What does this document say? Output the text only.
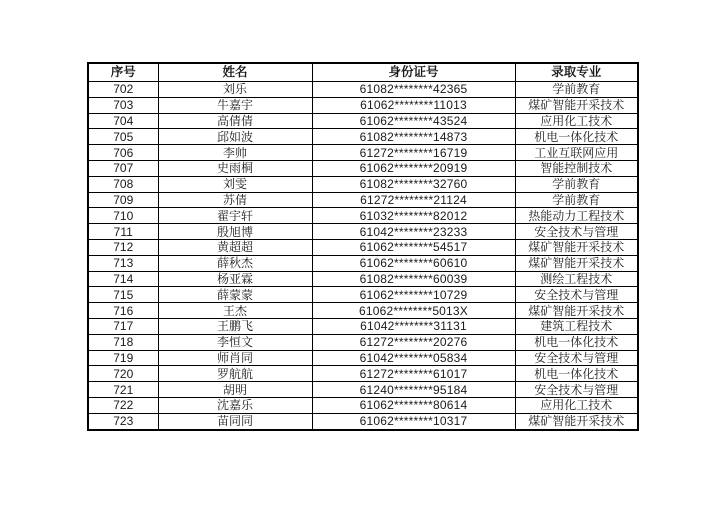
序号	姓名	身份证号	录取专业
702	刘乐	61082********42365	学前教育
703	牛嘉宇	61062********11013	煤矿智能开采技术
704	高倩倩	61062********43524	应用化工技术
705	邱如波	61082********14873	机电一体化技术
706	李帅	61272********16719	工业互联网应用
707	史雨桐	61062********20919	智能控制技术
708	刘雯	61082********32760	学前教育
709	苏倩	61272********21124	学前教育
710	翟宇轩	61032********82012	热能动力工程技术
711	殷旭博	61042********23233	安全技术与管理
712	黄超超	61062********54517	煤矿智能开采技术
713	薛秋杰	61062********60610	煤矿智能开采技术
714	杨亚霖	61082********60039	测绘工程技术
715	薛蒙蒙	61062********10729	安全技术与管理
716	王杰	61062********5013X	煤矿智能开采技术
717	王鹏飞	61042********31131	建筑工程技术
718	李恒文	61272********20276	机电一体化技术
719	师肖同	61042********05834	安全技术与管理
720	罗航航	61272********61017	机电一体化技术
721	胡明	61240********95184	安全技术与管理
722	沈嘉乐	61062********80614	应用化工技术
723	苗同同	61062********10317	煤矿智能开采技术
